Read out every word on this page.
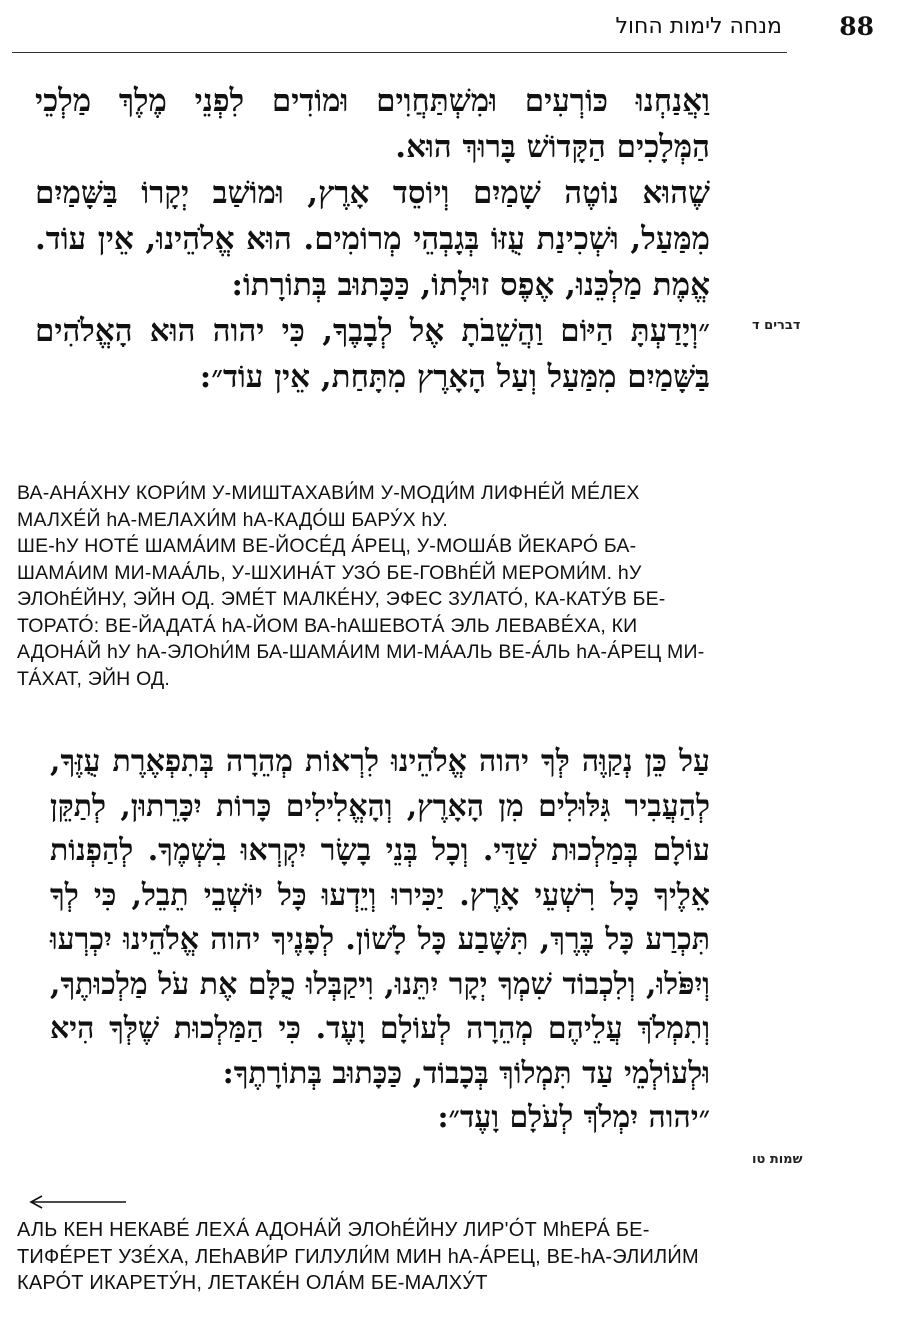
88
מנחה לימות החול

וַאֲנַחְנוּ כּוֹרְעִים וּמִשְׁתַּחֲוִים וּמוֹדִים לִפְנֵי מֶלֶךְ מַלְכֵי הַמְּלָכִים הַקָּדוֹשׁ בָּרוּךְ הוּא.

שֶׁהוּא נוֹטֶה שָׁמַיִם וְיוֹסֵד אָרֶץ, וּמוֹשַׁב יְקָרוֹ בַּשָּׁמַיִם מִמַּעַל, וּשְׁכִינַת עֻזּוֹ בְּגָבְהֵי מְרוֹמִים. הוּא אֱלֹהֵינוּ, אֵין עוֹד. אֱמֶת מַלְכֵּנוּ, אֶפֶס זוּלָתוֹ, כַּכָּתוּב בְּתוֹרָתוֹ:

״וְיָדַעְתָּ הַיּוֹם וַהֲשֵׁבֹתָ אֶל לְבָבֶךָ, כִּי יהוה הוּא הָאֱלֹהִים בַּשָּׁמַיִם מִמַּעַל וְעַל הָאָרֶץ מִתָּחַת, אֵין עוֹד״:

דברים ד

ВА-АНА́ХНУ КОРИ́М У-МИШТАХАВИ́М У-МОДИ́М ЛИФНЕ́Й МЕ́ЛЕХ МАЛХЕ́Й hА-МЕЛАХИ́М hА-КАДО́Ш БАРУ́Х hУ.

ШЕ-hУ НОТЕ́ ШАМА́ИМ ВЕ-ЙОСЕ́Д А́РЕЦ, У-МОША́В ЙЕКАРО́ БА-ШАМА́ИМ МИ-МАА́ЛЬ, У-ШХИНА́Т УЗО́ БЕ-ГОВhЕ́Й МЕРОМИ́М. hУ ЭЛОhЕ́ЙНУ, ЭЙН ОД. ЭМЕ́Т МАЛКЕ́НУ, ЭФЕС ЗУЛАТО́, КА-КАТУ́В БЕ-ТОРАТО́: ВЕ-ЙАДАТА́ hА-ЙОМ ВА-hАШЕВОТА́ ЭЛЬ ЛЕВАВЕ́ХА, КИ АДОНА́Й hУ hА-ЭЛОhИ́М БА-ШАМА́ИМ МИ-МА́АЛЬ ВЕ-А́ЛЬ hА-А́РЕЦ МИ-ТА́ХАТ, ЭЙН ОД.

עַל כֵּן נְקַוֶּה לְּךָ יהוה אֱלֹהֵינוּ לִרְאוֹת מְהֵרָה בְּתִפְאֶרֶת עֻזֶּךָ, לְהַעֲבִיר גִּלּוּלִים מִן הָאָרֶץ, וְהָאֱלִילִים כָּרוֹת יִכָּרֵתוּן, לְתַקֵּן עוֹלָם בְּמַלְכוּת שַׁדַּי. וְכָל בְּנֵי בָשָׂר יִקְרְאוּ בִשְׁמֶךָ. לְהַפְנוֹת אֵלֶיךָ כָּל רִשְׁעֵי אָרֶץ. יַכִּירוּ וְיֵדְעוּ כָּל יוֹשְׁבֵי תֵבֵל, כִּי לְךָ תִּכְרַע כָּל בֶּרֶךְ, תִּשָּׁבַע כָּל לָשׁוֹן. לְפָנֶיךָ יהוה אֱלֹהֵינוּ יִכְרְעוּ וְיִפֹּלוּ, וְלִכְבוֹד שִׁמְךָ יְקָר יִתֵּנוּ, וִיקַבְּלוּ כֻלָּם אֶת עֹל מַלְכוּתֶךָ, וְתִמְלֹךְ עֲלֵיהֶם מְהֵרָה לְעוֹלָם וָעֶד. כִּי הַמַּלְכוּת שֶׁלְּךָ הִיא וּלְעוֹלְמֵי עַד תִּמְלוֹךְ בְּכָבוֹד, כַּכָּתוּב בְּתוֹרָתֶךָ:

״יהוה יִמְלֹךְ לְעֹלָם וָעֶד״:

שמות טו

АЛЬ КЕН НЕКАВЕ́ ЛЕХА́ АДОНА́Й ЭЛОhЕ́ЙНУ ЛИР'О́Т МhЕРА́ БЕ-ТИФЕ́РЕТ УЗЕ́ХА, ЛЕhАВИ́Р ГИЛУЛИ́М МИН hА-А́РЕЦ, ВЕ-hА-ЭЛИЛИ́М КАРО́Т ИКАРЕТУ́Н, ЛЕТАКЕ́Н ОЛА́М БЕ-МАЛХУ́Т
